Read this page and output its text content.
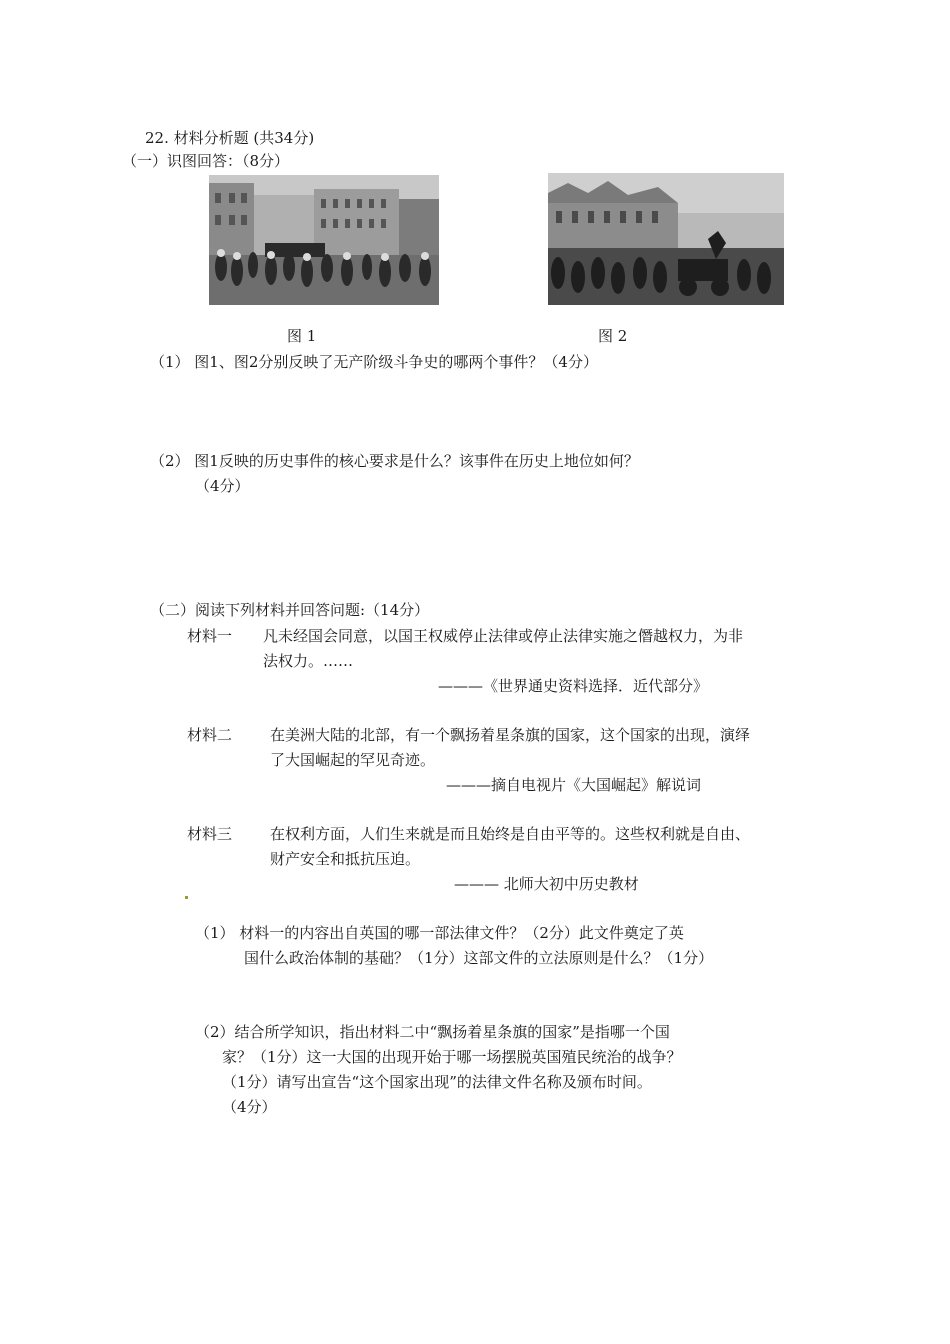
22. 材料分析题 (共34分)
（一）识图回答：（8分）
图 1	图 2
（1） 图1、图2分别反映了无产阶级斗争史的哪两个事件？（4分）
（2） 图1反映的历史事件的核心要求是什么？该事件在历史上地位如何？
（4分）
（二）阅读下列材料并回答问题:（14分）
材料一 凡未经国会同意，以国王权威停止法律或停止法律实施之僭越权力，为非
法权力。……
———《世界通史资料选择．近代部分》
材料二	在美洲大陆的北部，有一个飘扬着星条旗的国家，这个国家的出现，演绎
了大国崛起的罕见奇迹。
———摘自电视片《大国崛起》解说词
材料三	在权利方面，人们生来就是而且始终是自由平等的。这些权利就是自由、
财产安全和抵抗压迫。
——— 北师大初中历史教材
（1） 材料一的内容出自英国的哪一部法律文件？（2分）此文件奠定了英
国什么政治体制的基础？（1分）这部文件的立法原则是什么？（1分）
（2）结合所学知识，指出材料二中“飘扬着星条旗的国家”是指哪一个国
家？（1分）这一大国的出现开始于哪一场摆脱英国殖民统治的战争？
（1分）请写出宣告“这个国家出现”的法律文件名称及颁布时间。
（4分）
